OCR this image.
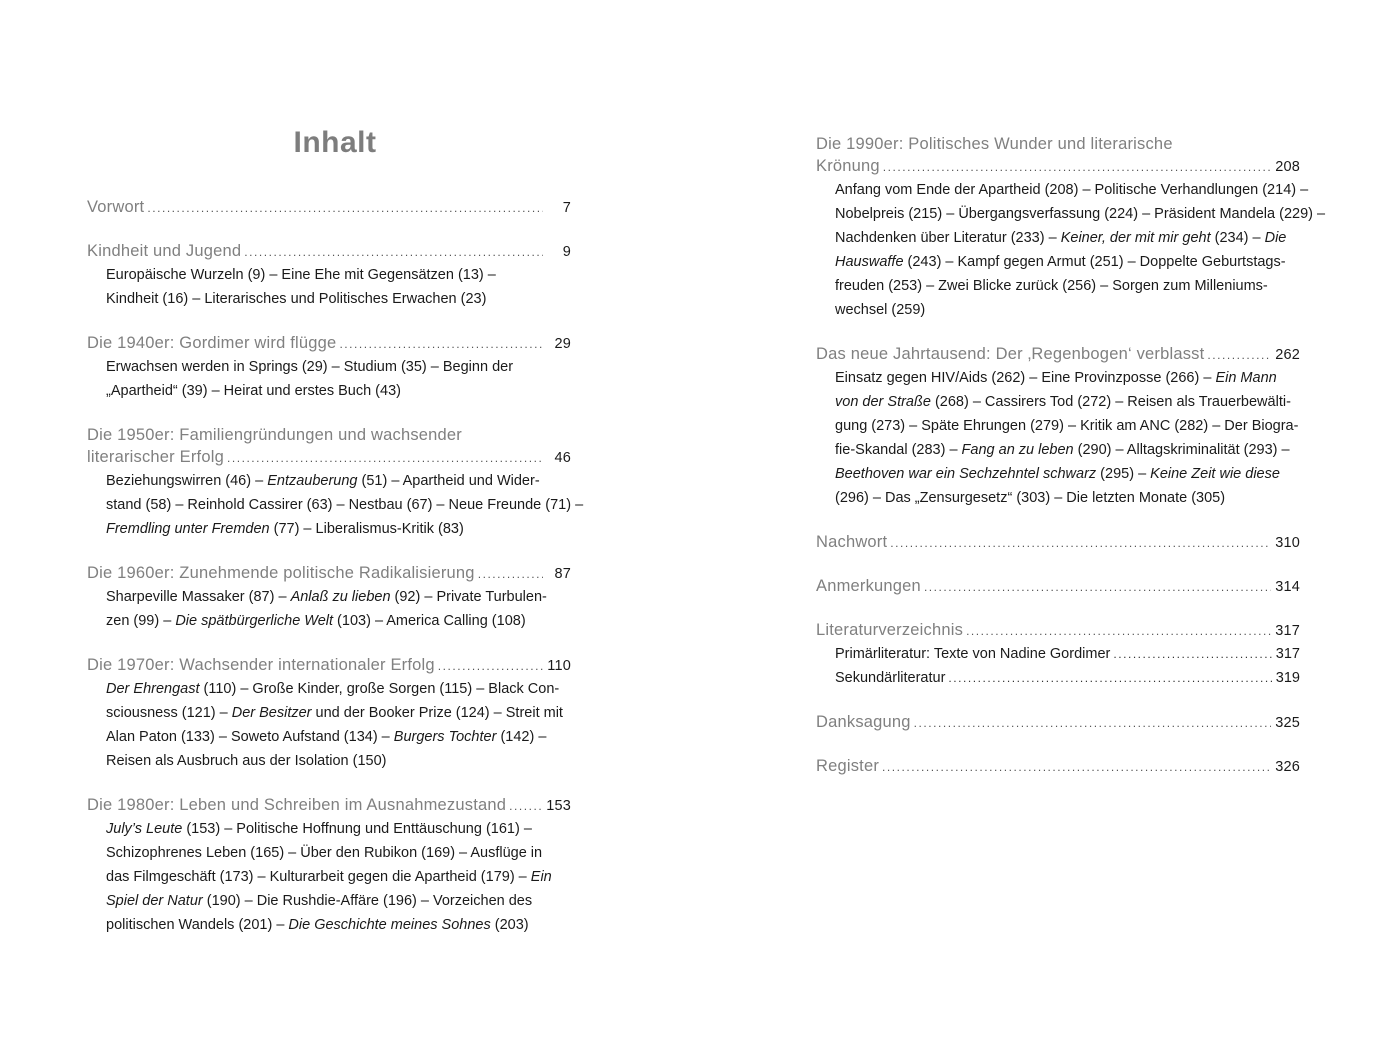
Inhalt
Vorwort . . .	7
Kindheit und Jugend . . .	9
Europäische Wurzeln (9) – Eine Ehe mit Gegensätzen (13) –
Kindheit (16) – Literarisches und Politisches Erwachen (23)
Die 1940er: Gordimer wird flügge . . .	29
Erwachsen werden in Springs (29) – Studium (35) – Beginn der
„Apartheid“ (39) – Heirat und erstes Buch (43)
Die 1950er: Familiengründungen und wachsender
literarischer Erfolg . . .	46
Beziehungswirren (46) – Entzauberung (51) – Apartheid und Wider-
stand (58) – Reinhold Cassirer (63) – Nestbau (67) – Neue Freunde (71) –
Fremdling unter Fremden (77) – Liberalismus-Kritik (83)
Die 1960er: Zunehmende politische Radikalisierung . . .	87
Sharpeville Massaker (87) – Anlaß zu lieben (92) – Private Turbulen-
zen (99) – Die spätbürgerliche Welt (103) – America Calling (108)
Die 1970er: Wachsender internationaler Erfolg . . .	110
Der Ehrengast (110) – Große Kinder, große Sorgen (115) – Black Con-
sciousness (121) – Der Besitzer und der Booker Prize (124) – Streit mit
Alan Paton (133) – Soweto Aufstand (134) – Burgers Tochter (142) –
Reisen als Ausbruch aus der Isolation (150)
Die 1980er: Leben und Schreiben im Ausnahmezustand . . .	153
July’s Leute (153) – Politische Hoffnung und Enttäuschung (161) –
Schizophrenes Leben (165) – Über den Rubikon (169) – Ausflüge in
das Filmgeschäft (173) – Kulturarbeit gegen die Apartheid (179) – Ein
Spiel der Natur (190) – Die Rushdie-Affäre (196) – Vorzeichen des
politischen Wandels (201) – Die Geschichte meines Sohnes (203)
Die 1990er: Politisches Wunder und literarische
Krönung . . .	208
Anfang vom Ende der Apartheid (208) – Politische Verhandlungen (214) –
Nobelpreis (215) – Übergangsverfassung (224) – Präsident Mandela (229) –
Nachdenken über Literatur (233) – Keiner, der mit mir geht (234) – Die
Hauswaffe (243) – Kampf gegen Armut (251) – Doppelte Geburtstags-
freuden (253) – Zwei Blicke zurück (256) – Sorgen zum Milleniums-
wechsel (259)
Das neue Jahrtausend: Der ‚Regenbogen‘ verblasst . . .	262
Einsatz gegen HIV/Aids (262) – Eine Provinzposse (266) – Ein Mann
von der Straße (268) – Cassirers Tod (272) – Reisen als Trauerbewälti-
gung (273) – Späte Ehrungen (279) – Kritik am ANC (282) – Der Biogra-
fie-Skandal (283) – Fang an zu leben (290) – Alltagskriminalität (293) –
Beethoven war ein Sechzehntel schwarz (295) – Keine Zeit wie diese
(296) – Das „Zensurgesetz“ (303) – Die letzten Monate (305)
Nachwort . . .	310
Anmerkungen . . .	314
Literaturverzeichnis . . .	317
Primärliteratur: Texte von Nadine Gordimer . . .	317
Sekundärliteratur . . .	319
Danksagung . . .	325
Register . . .	326
